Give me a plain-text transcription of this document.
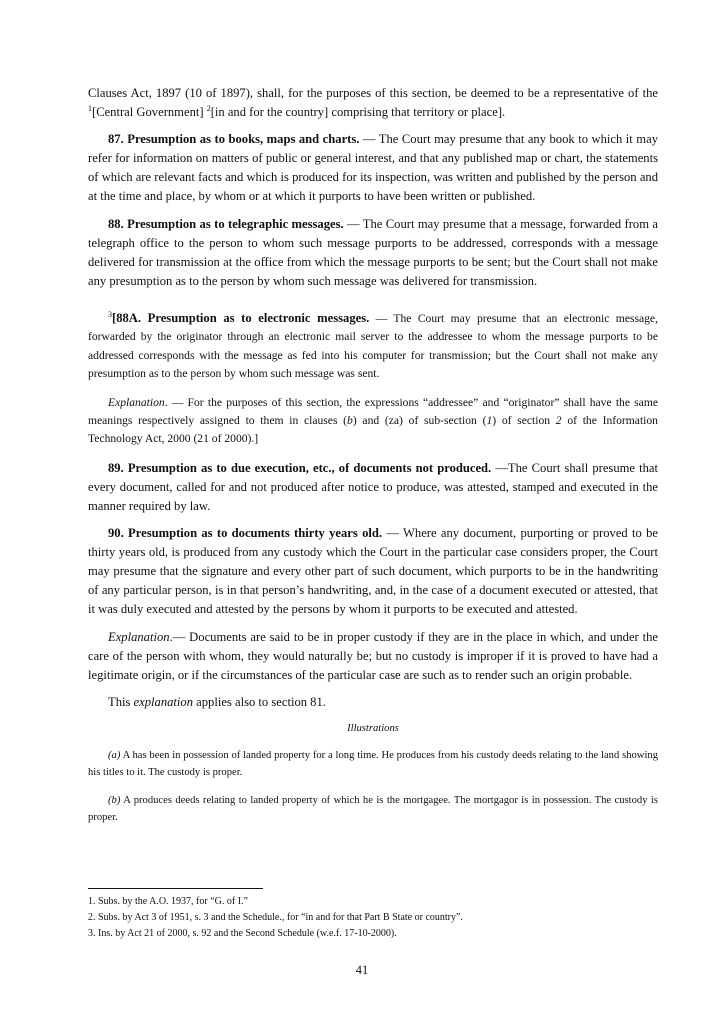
Clauses Act, 1897 (10 of 1897), shall, for the purposes of this section, be deemed to be a representative of the $^1$[Central Government] $^2$[in and for the country] comprising that territory or place].

87. Presumption as to books, maps and charts. — The Court may presume that any book to which it may refer for information on matters of public or general interest, and that any published map or chart, the statements of which are relevant facts and which is produced for its inspection, was written and published by the person and at the time and place, by whom or at which it purports to have been written or published.

88. Presumption as to telegraphic messages. — The Court may presume that a message, forwarded from a telegraph office to the person to whom such message purports to be addressed, corresponds with a message delivered for transmission at the office from which the message purports to be sent; but the Court shall not make any presumption as to the person by whom such message was delivered for transmission.

$^3$[88A. Presumption as to electronic messages. — The Court may presume that an electronic message, forwarded by the originator through an electronic mail server to the addressee to whom the message purports to be addressed corresponds with the message as fed into his computer for transmission; but the Court shall not make any presumption as to the person by whom such message was sent.

Explanation. — For the purposes of this section, the expressions “addressee” and “originator” shall have the same meanings respectively assigned to them in clauses (b) and (za) of sub-section (1) of section 2 of the Information Technology Act, 2000 (21 of 2000).]

89. Presumption as to due execution, etc., of documents not produced. —The Court shall presume that every document, called for and not produced after notice to produce, was attested, stamped and executed in the manner required by law.

90. Presumption as to documents thirty years old. — Where any document, purporting or proved to be thirty years old, is produced from any custody which the Court in the particular case considers proper, the Court may presume that the signature and every other part of such document, which purports to be in the handwriting of any particular person, is in that person’s handwriting, and, in the case of a document executed or attested, that it was duly executed and attested by the persons by whom it purports to be executed and attested.

Explanation.— Documents are said to be in proper custody if they are in the place in which, and under the care of the person with whom, they would naturally be; but no custody is improper if it is proved to have had a legitimate origin, or if the circumstances of the particular case are such as to render such an origin probable.

This explanation applies also to section 81.

Illustrations

(a) A has been in possession of landed property for a long time. He produces from his custody deeds relating to the land showing his titles to it. The custody is proper.

(b) A produces deeds relating to landed property of which he is the mortgagee. The mortgagor is in possession. The custody is proper.

1. Subs. by the A.O. 1937, for “G. of I.”
2. Subs. by Act 3 of 1951, s. 3 and the Schedule., for “in and for that Part B State or country”.
3. Ins. by Act 21 of 2000, s. 92 and the Second Schedule (w.e.f. 17-10-2000).
41
